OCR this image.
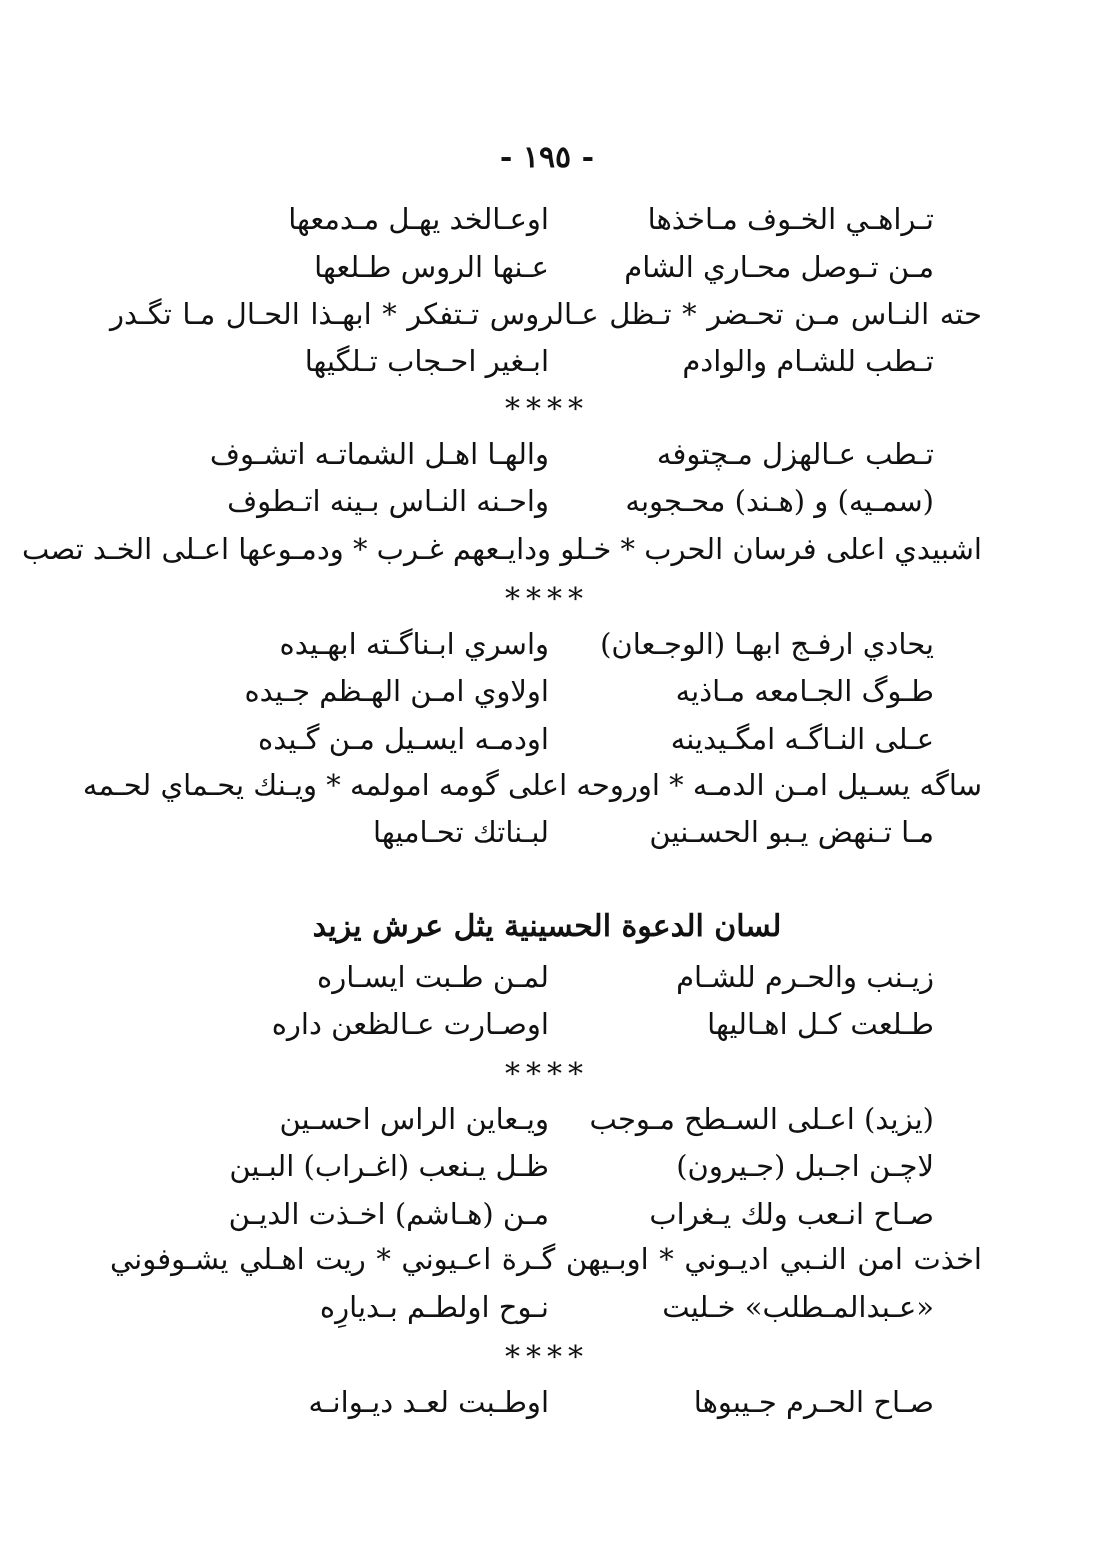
- ١٩٥ -
تـراهـي الخـوف مـاخذها
اوعـالخد يهـل مـدمعها
مـن تـوصل محـاري الشام
عـنها الروس طـلعها
حته النـاس مـن تحـضر * تـظل عـالروس تـتفكر * ابهـذا الحـال مـا تگـدر
تـطب للشـام والوادم
ابـغير احـجاب تـلگيها
****
تـطب عـالهزل مـچتوفه
والهـا اهـل الشماتـه اتشـوف
(سمـيه) و (هـند) محـجوبه
واحـنه النـاس بـينه اتـطوف
اشبيدي اعلى فرسان الحرب * خـلو ودايـعهم غـرب * ودمـوعها اعـلى الخـد تصب
****
يحادي ارفـج ابهـا (الوجـعان)
واسري ابـناگـته ابهـيده
طـوگ الجـامعه مـاذيه
اولاوي امـن الهـظم جـيده
عـلى النـاگـه امگـيدينه
اودمـه ايسـيل مـن گـيده
ساگه يسـيل امـن الدمـه * اوروحه اعلى گومه امولمه * ويـنك يحـماي لحـمه
مـا تـنهض يـبو الحسـنين
لبـناتك تحـاميها
لسان الدعوة الحسينية يثل عرش يزيد
زيـنب والحـرم للشـام
لمـن طـبت ايسـاره
طـلعت كـل اهـاليها
اوصـارت عـالظعن داره
****
(يزيد) اعـلى السـطح مـوجب
ويـعاين الراس احسـين
لاچـن اجـبل (جـيرون)
ظـل يـنعب (اغـراب) البـين
صـاح انـعب ولك يـغراب
مـن (هـاشم) اخـذت الديـن
اخذت امن النـبي اديـوني * اوبـيهن گـرة اعـيوني * ريت اهـلي يشـوفوني
«عـبدالمـطلب» خـليت
نـوح اولطـم بـديارِه
****
صـاح الحـرم جـيبوها
اوطـبت لعـد ديـوانـه
